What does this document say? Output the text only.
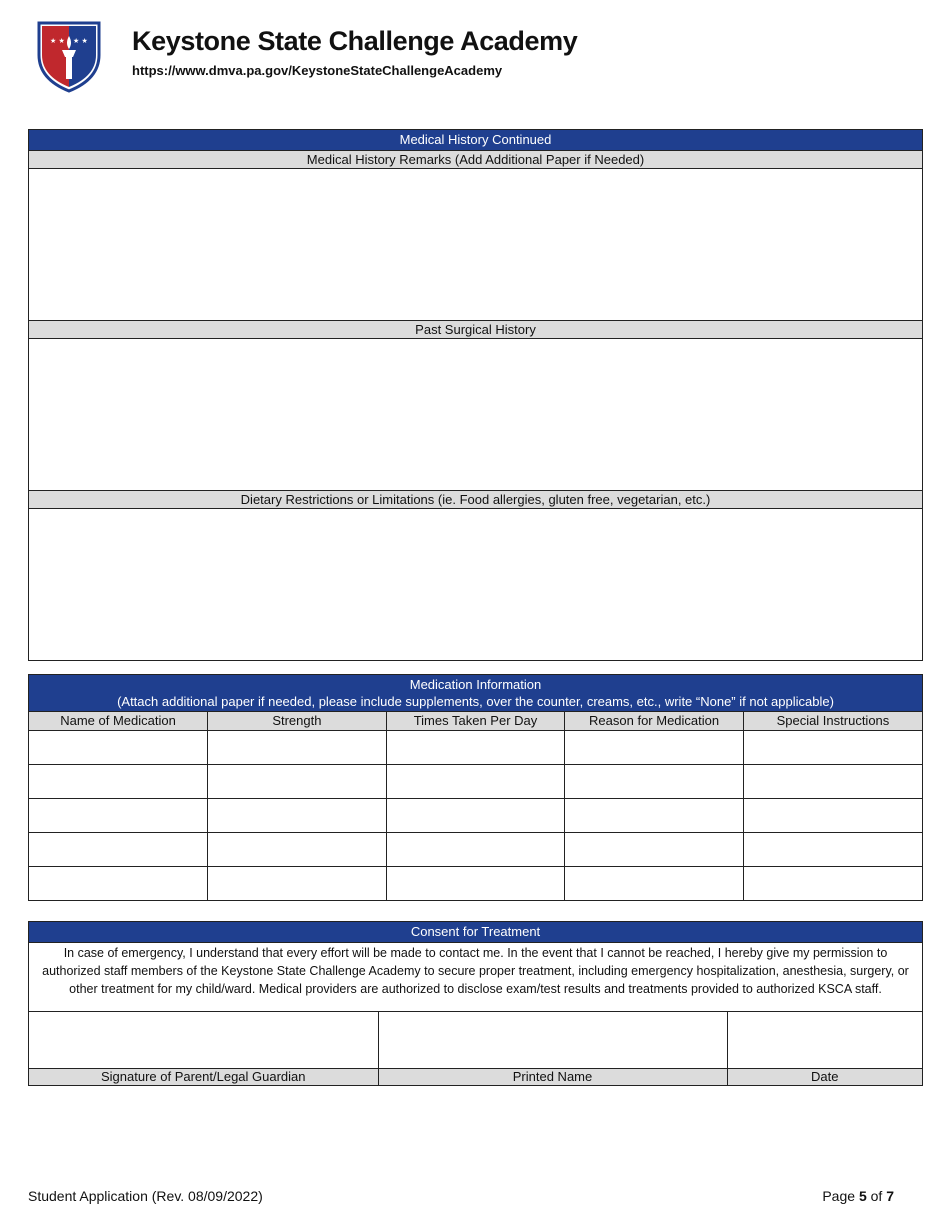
★ ★ ★ ★ Keystone State Challenge Academy
https://www.dmva.pa.gov/KeystoneStateChallengeAcademy
Medical History Continued
Medical History Remarks (Add Additional Paper if Needed)
Past Surgical History
Dietary Restrictions or Limitations (ie. Food allergies, gluten free, vegetarian, etc.)
Medication Information
(Attach additional paper if needed, please include supplements, over the counter, creams, etc., write “None” if not applicable)
Name of Medication	Strength	Times Taken Per Day	Reason for Medication	Special Instructions

Consent for Treatment
In case of emergency, I understand that every effort will be made to contact me. In the event that I cannot be reached, I hereby give my permission to authorized staff members of the Keystone State Challenge Academy to secure proper treatment, including emergency hospitalization, anesthesia, surgery, or other treatment for my child/ward. Medical providers are authorized to disclose exam/test results and treatments provided to authorized KSCA staff.

Signature of Parent/Legal Guardian	Printed Name	Date
Student Application (Rev. 08/09/2022)	Page 5 of 7
